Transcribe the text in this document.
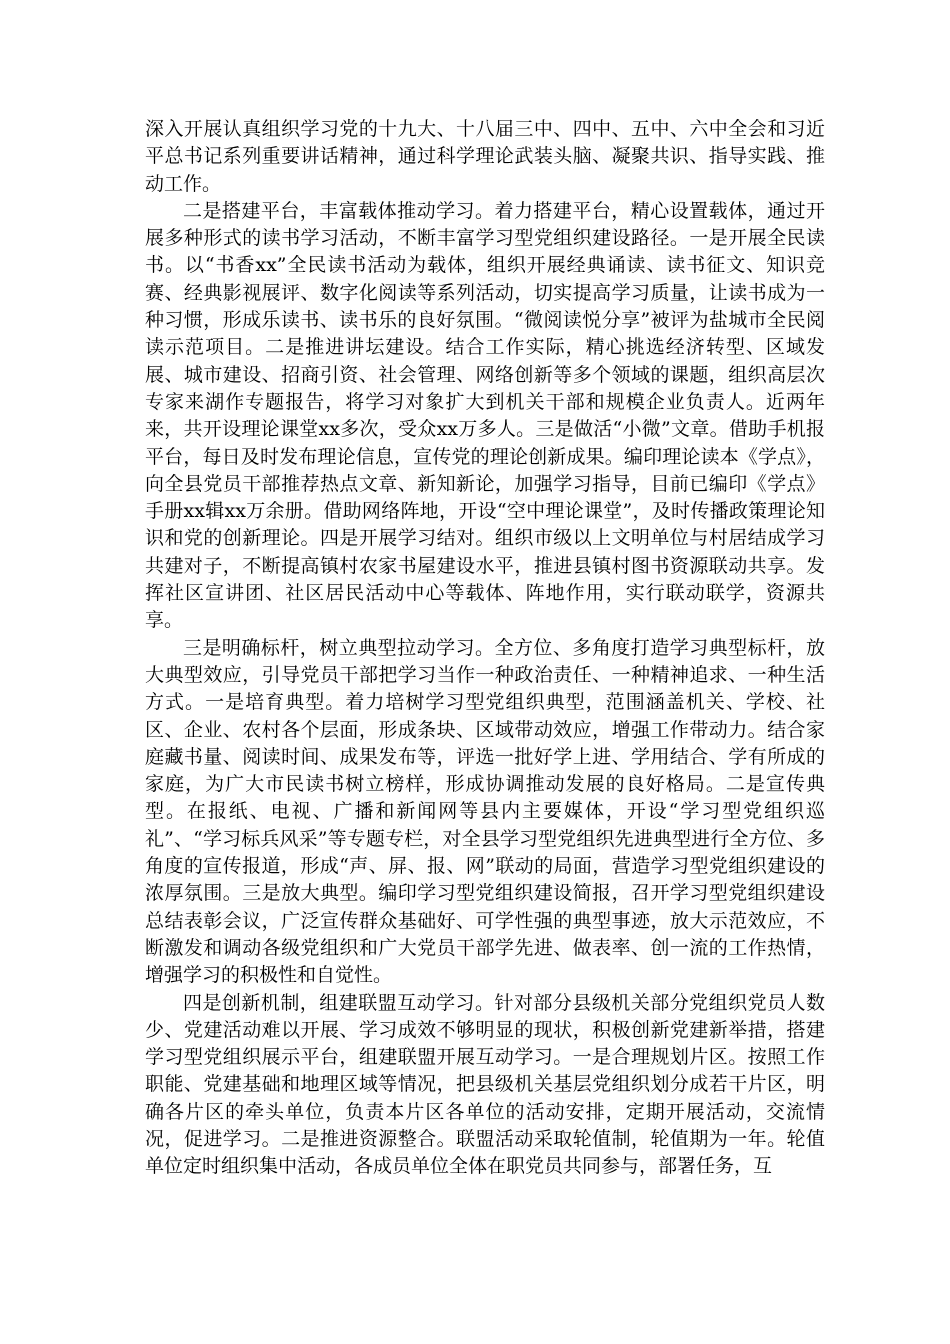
深入开展认真组织学习党的十九大、十八届三中、四中、五中、六中全会和习近平总书记系列重要讲话精神，通过科学理论武装头脑、凝聚共识、指导实践、推动工作。

二是搭建平台，丰富载体推动学习。着力搭建平台，精心设置载体，通过开展多种形式的读书学习活动，不断丰富学习型党组织建设路径。一是开展全民读书。以“书香xx”全民读书活动为载体，组织开展经典诵读、读书征文、知识竞赛、经典影视展评、数字化阅读等系列活动，切实提高学习质量，让读书成为一种习惯，形成乐读书、读书乐的良好氛围。“微阅读悦分享”被评为盐城市全民阅读示范项目。二是推进讲坛建设。结合工作实际，精心挑选经济转型、区域发展、城市建设、招商引资、社会管理、网络创新等多个领域的课题，组织高层次专家来湖作专题报告，将学习对象扩大到机关干部和规模企业负责人。近两年来，共开设理论课堂xx多次，受众xx万多人。三是做活“小微”文章。借助手机报平台，每日及时发布理论信息，宣传党的理论创新成果。编印理论读本《学点》，向全县党员干部推荐热点文章、新知新论，加强学习指导，目前已编印《学点》手册xx辑xx万余册。借助网络阵地，开设“空中理论课堂”，及时传播政策理论知识和党的创新理论。四是开展学习结对。组织市级以上文明单位与村居结成学习共建对子，不断提高镇村农家书屋建设水平，推进县镇村图书资源联动共享。发挥社区宣讲团、社区居民活动中心等载体、阵地作用，实行联动联学，资源共享。

三是明确标杆，树立典型拉动学习。全方位、多角度打造学习典型标杆，放大典型效应，引导党员干部把学习当作一种政治责任、一种精神追求、一种生活方式。一是培育典型。着力培树学习型党组织典型，范围涵盖机关、学校、社区、企业、农村各个层面，形成条块、区域带动效应，增强工作带动力。结合家庭藏书量、阅读时间、成果发布等，评选一批好学上进、学用结合、学有所成的家庭，为广大市民读书树立榜样，形成协调推动发展的良好格局。二是宣传典型。在报纸、电视、广播和新闻网等县内主要媒体，开设“学习型党组织巡礼”、“学习标兵风采”等专题专栏，对全县学习型党组织先进典型进行全方位、多角度的宣传报道，形成“声、屏、报、网”联动的局面，营造学习型党组织建设的浓厚氛围。三是放大典型。编印学习型党组织建设简报，召开学习型党组织建设总结表彰会议，广泛宣传群众基础好、可学性强的典型事迹，放大示范效应，不断激发和调动各级党组织和广大党员干部学先进、做表率、创一流的工作热情，增强学习的积极性和自觉性。

四是创新机制，组建联盟互动学习。针对部分县级机关部分党组织党员人数少、党建活动难以开展、学习成效不够明显的现状，积极创新党建新举措，搭建学习型党组织展示平台，组建联盟开展互动学习。一是合理规划片区。按照工作职能、党建基础和地理区域等情况，把县级机关基层党组织划分成若干片区，明确各片区的牵头单位，负责本片区各单位的活动安排，定期开展活动，交流情况，促进学习。二是推进资源整合。联盟活动采取轮值制，轮值期为一年。轮值单位定时组织集中活动，各成员单位全体在职党员共同参与，部署任务，互
